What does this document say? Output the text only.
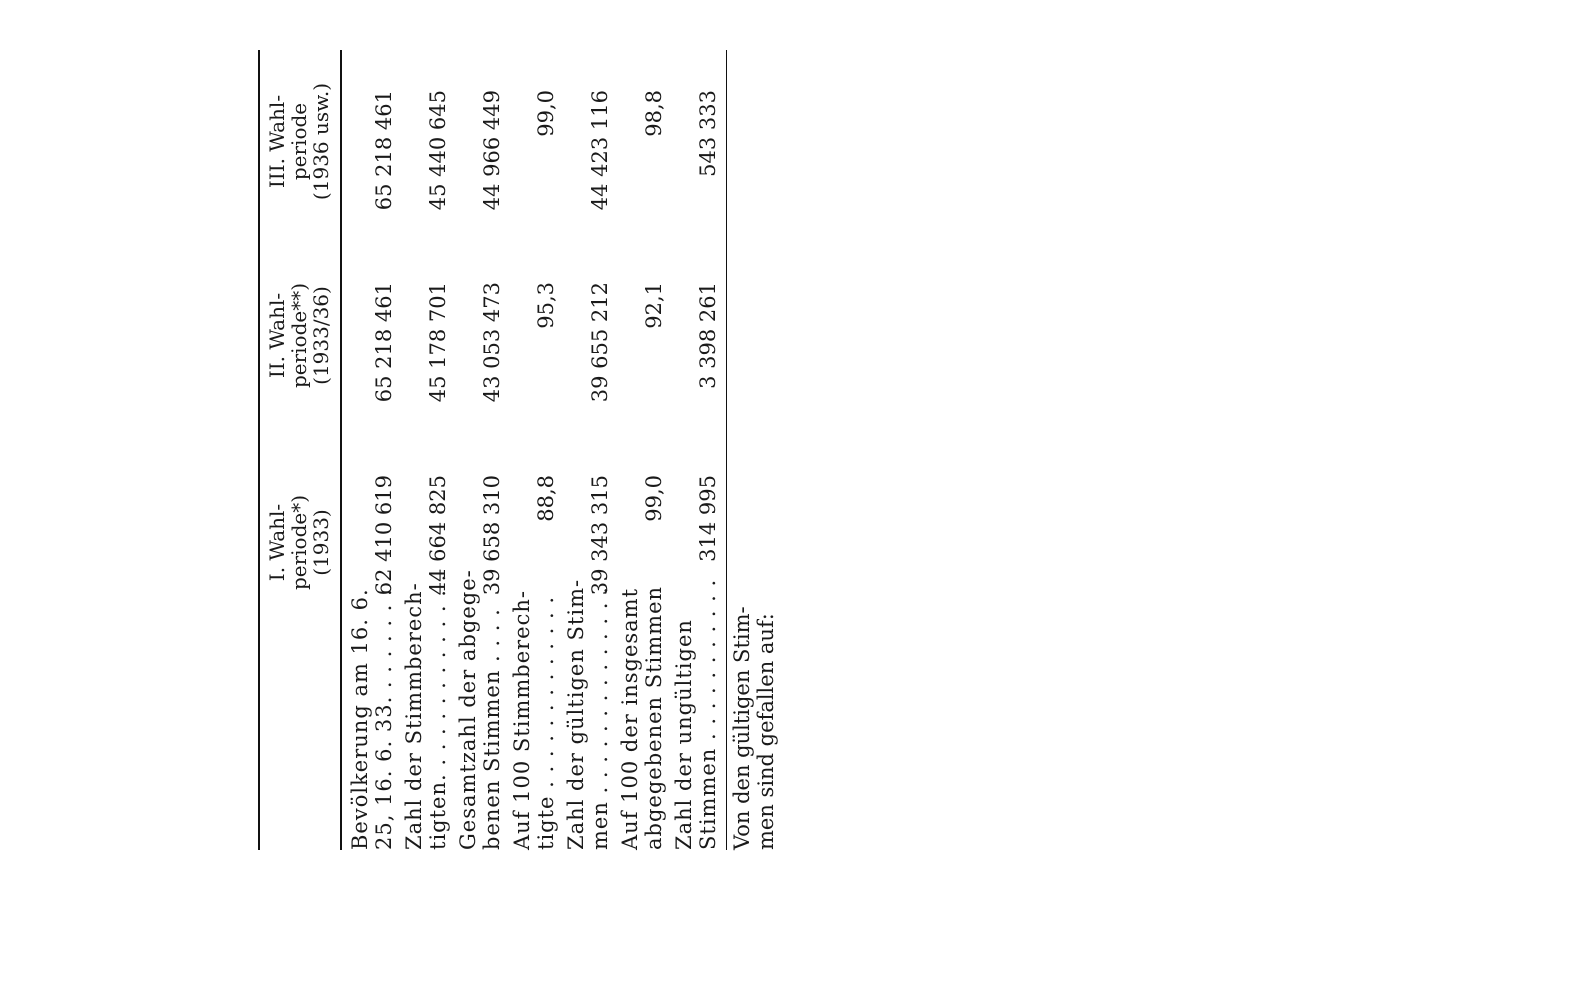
I. Wahl-
periode*)
(1933)
II. Wahl-
periode**)
(1933/36)
III. Wahl-
periode
(1936 usw.)
Bevölkerung am 16. 6. 25, 16. 6. 33. . . . . . . .
62 410 619
65 218 461
65 218 461
Zahl der Stimmberech- tigten. . . . . . . . . . . . . .
44 664 825
45 178 701
45 440 645
Gesamtzahl der abgege- benen Stimmen . . . .
39 658 310
43 053 473
44 966 449
Auf 100 Stimmberech- tigte . . . . . . . . . . . . .
88,8
95,3
99,0
Zahl der gültigen Stim- men . . . . . . . . . . . . . .
39 343 315
39 655 212
44 423 116
Auf 100 der insgesamt abgegebenen Stimmen
99,0
92,1
98,8
Zahl der ungültigen Stimmen . . . . . . . . . . .
314 995
3 398 261
543 333
Von den gültigen Stim- men sind gefallen auf:
